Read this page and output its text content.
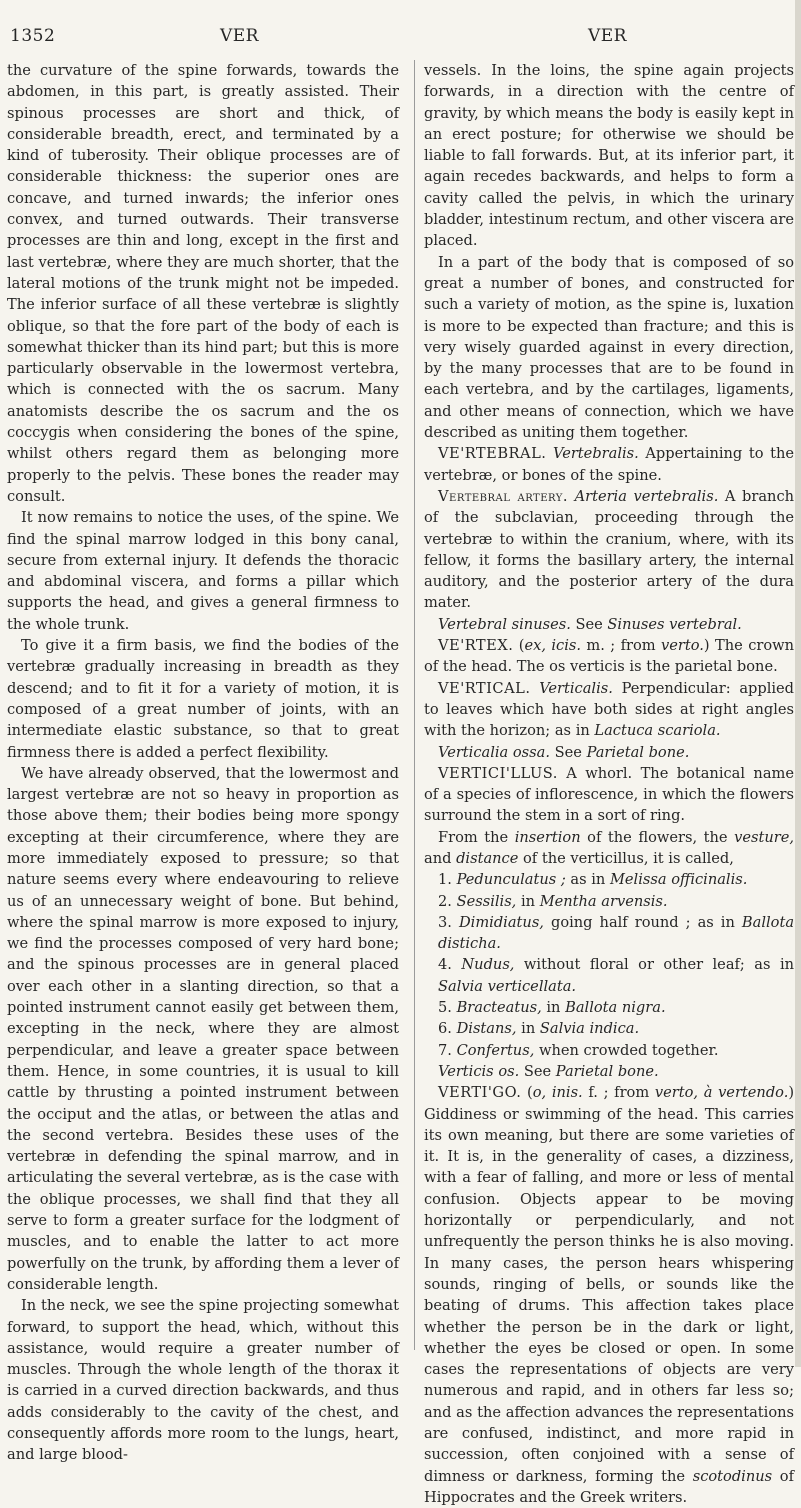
1352	VER	VER

the curvature of the spine forwards, towards the abdomen, in this part, is greatly assisted. Their spinous processes are short and thick, of considerable breadth, erect, and terminated by a kind of tuberosity. Their oblique processes are of considerable thickness: the superior ones are concave, and turned inwards; the inferior ones convex, and turned outwards. Their transverse processes are thin and long, except in the first and last vertebræ, where they are much shorter, that the lateral motions of the trunk might not be impeded. The inferior surface of all these vertebræ is slightly oblique, so that the fore part of the body of each is somewhat thicker than its hind part; but this is more particularly observable in the lowermost vertebra, which is connected with the os sacrum. Many anatomists describe the os sacrum and the os coccygis when considering the bones of the spine, whilst others regard them as belonging more properly to the pelvis. These bones the reader may consult.

It now remains to notice the uses, of the spine. We find the spinal marrow lodged in this bony canal, secure from external injury. It defends the thoracic and abdominal viscera, and forms a pillar which supports the head, and gives a general firmness to the whole trunk.

To give it a firm basis, we find the bodies of the vertebræ gradually increasing in breadth as they descend; and to fit it for a variety of motion, it is composed of a great number of joints, with an intermediate elastic substance, so that to great firmness there is added a perfect flexibility.

We have already observed, that the lowermost and largest vertebræ are not so heavy in proportion as those above them; their bodies being more spongy excepting at their circumference, where they are more immediately exposed to pressure; so that nature seems every where endeavouring to relieve us of an unnecessary weight of bone. But behind, where the spinal marrow is more exposed to injury, we find the processes composed of very hard bone; and the spinous processes are in general placed over each other in a slanting direction, so that a pointed instrument cannot easily get between them, excepting in the neck, where they are almost perpendicular, and leave a greater space between them. Hence, in some countries, it is usual to kill cattle by thrusting a pointed instrument between the occiput and the atlas, or between the atlas and the second vertebra. Besides these uses of the vertebræ in defending the spinal marrow, and in articulating the several vertebræ, as is the case with the oblique processes, we shall find that they all serve to form a greater surface for the lodgment of muscles, and to enable the latter to act more powerfully on the trunk, by affording them a lever of considerable length.

In the neck, we see the spine projecting somewhat forward, to support the head, which, without this assistance, would require a greater number of muscles. Through the whole length of the thorax it is carried in a curved direction backwards, and thus adds considerably to the cavity of the chest, and consequently affords more room to the lungs, heart, and large blood-

vessels. In the loins, the spine again projects forwards, in a direction with the centre of gravity, by which means the body is easily kept in an erect posture; for otherwise we should be liable to fall forwards. But, at its inferior part, it again recedes backwards, and helps to form a cavity called the pelvis, in which the urinary bladder, intestinum rectum, and other viscera are placed.

In a part of the body that is composed of so great a number of bones, and constructed for such a variety of motion, as the spine is, luxation is more to be expected than fracture; and this is very wisely guarded against in every direction, by the many processes that are to be found in each vertebra, and by the cartilages, ligaments, and other means of connection, which we have described as uniting them together.

VE'RTEBRAL. Vertebralis. Appertaining to the vertebræ, or bones of the spine.

Vertebral artery. Arteria vertebralis. A branch of the subclavian, proceeding through the vertebræ to within the cranium, where, with its fellow, it forms the basillary artery, the internal auditory, and the posterior artery of the dura mater.

Vertebral sinuses. See Sinuses vertebral.

VE'RTEX. (ex, icis. m. ; from verto.) The crown of the head. The os verticis is the parietal bone.

VE'RTICAL. Verticalis. Perpendicular: applied to leaves which have both sides at right angles with the horizon; as in Lactuca scariola.

Verticalia ossa. See Parietal bone.

VERTICI'LLUS. A whorl. The botanical name of a species of inflorescence, in which the flowers surround the stem in a sort of ring.

From the insertion of the flowers, the vesture, and distance of the verticillus, it is called,

1. Pedunculatus ; as in Melissa officinalis.

2. Sessilis, in Mentha arvensis.

3. Dimidiatus, going half round ; as in Ballota disticha.

4. Nudus, without floral or other leaf; as in Salvia verticellata.

5. Bracteatus, in Ballota nigra.

6. Distans, in Salvia indica.

7. Confertus, when crowded together.

Verticis os. See Parietal bone.

VERTI'GO. (o, inis. f. ; from verto, à vertendo.) Giddiness or swimming of the head. This carries its own meaning, but there are some varieties of it. It is, in the generality of cases, a dizziness, with a fear of falling, and more or less of mental confusion. Objects appear to be moving horizontally or perpendicularly, and not unfrequently the person thinks he is also moving. In many cases, the person hears whispering sounds, ringing of bells, or sounds like the beating of drums. This affection takes place whether the person be in the dark or light, whether the eyes be closed or open. In some cases the representations of objects are very numerous and rapid, and in others far less so; and as the affection advances the representations are confused, indistinct, and more rapid in succession, often conjoined with a sense of dimness or darkness, forming the scotodinus of Hippocrates and the Greek writers.
